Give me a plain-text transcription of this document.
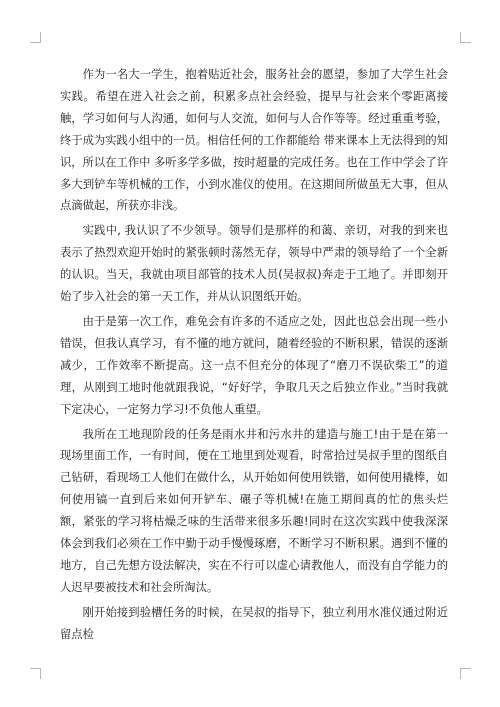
作为一名大一学生，抱着贴近社会，服务社会的愿望，参加了大学生社会实践。希望在进入社会之前，积累多点社会经验，提早与社会来个零距离接触，学习如何与人沟通，如何与人交流，如何与人合作等等。经过重重考验，终于成为实践小组中的一员。相信任何的工作都能给 带来课本上无法得到的知识，所以在工作中 多听多学多做，按时超量的完成任务。也在工作中学会了许多大到铲车等机械的工作，小到水准仪的使用。在这期间所做虽无大事，但从点滴做起，所获亦非浅。

实践中, 我认识了不少领导。领导们是那样的和蔼、亲切，对我的到来也表示了热烈欢迎开始时的紧张顿时荡然无存，领导中严肃的领导给了一个全新的认识。当天，我就由项目部管的技术人员(吴叔叔)奔走于工地了。并即刻开始了步入社会的第一天工作，并从认识图纸开始。

由于是第一次工作，难免会有许多的不适应之处，因此也总会出现一些小错误，但我认真学习，有不懂的地方就问，随着经验的不断积累，错误的逐渐减少，工作效率不断提高。这一点不但充分的体现了“磨刀不误砍柴工”的道理，从刚到工地时他就跟我说，“好好学，争取几天之后独立作业。”当时我就下定决心，一定努力学习!不负他人重望。

我所在工地现阶段的任务是雨水井和污水井的建造与施工!由于是在第一现场里面工作，一有时间，便在工地里到处观看，时常拾过吴叔手里的图纸自己钻研，看现场工人他们在做什么，从开始如何使用铁锴，如何使用撬棒，如何使用镐一直到后来如何开铲车、碾子等机械!在施工期间真的忙的焦头烂额，紧张的学习将枯燥乏味的生活带来很多乐趣!同时在这次实践中使我深深体会到我们必须在工作中勤于动手慢慢琢磨，不断学习不断积累。遇到不懂的地方，自己先想方设法解决，实在不行可以虚心请教他人，而没有自学能力的人迟早要被技术和社会所淘汰。

刚开始接到验槽任务的时候，在吴叔的指导下，独立利用水准仪通过附近留点检
